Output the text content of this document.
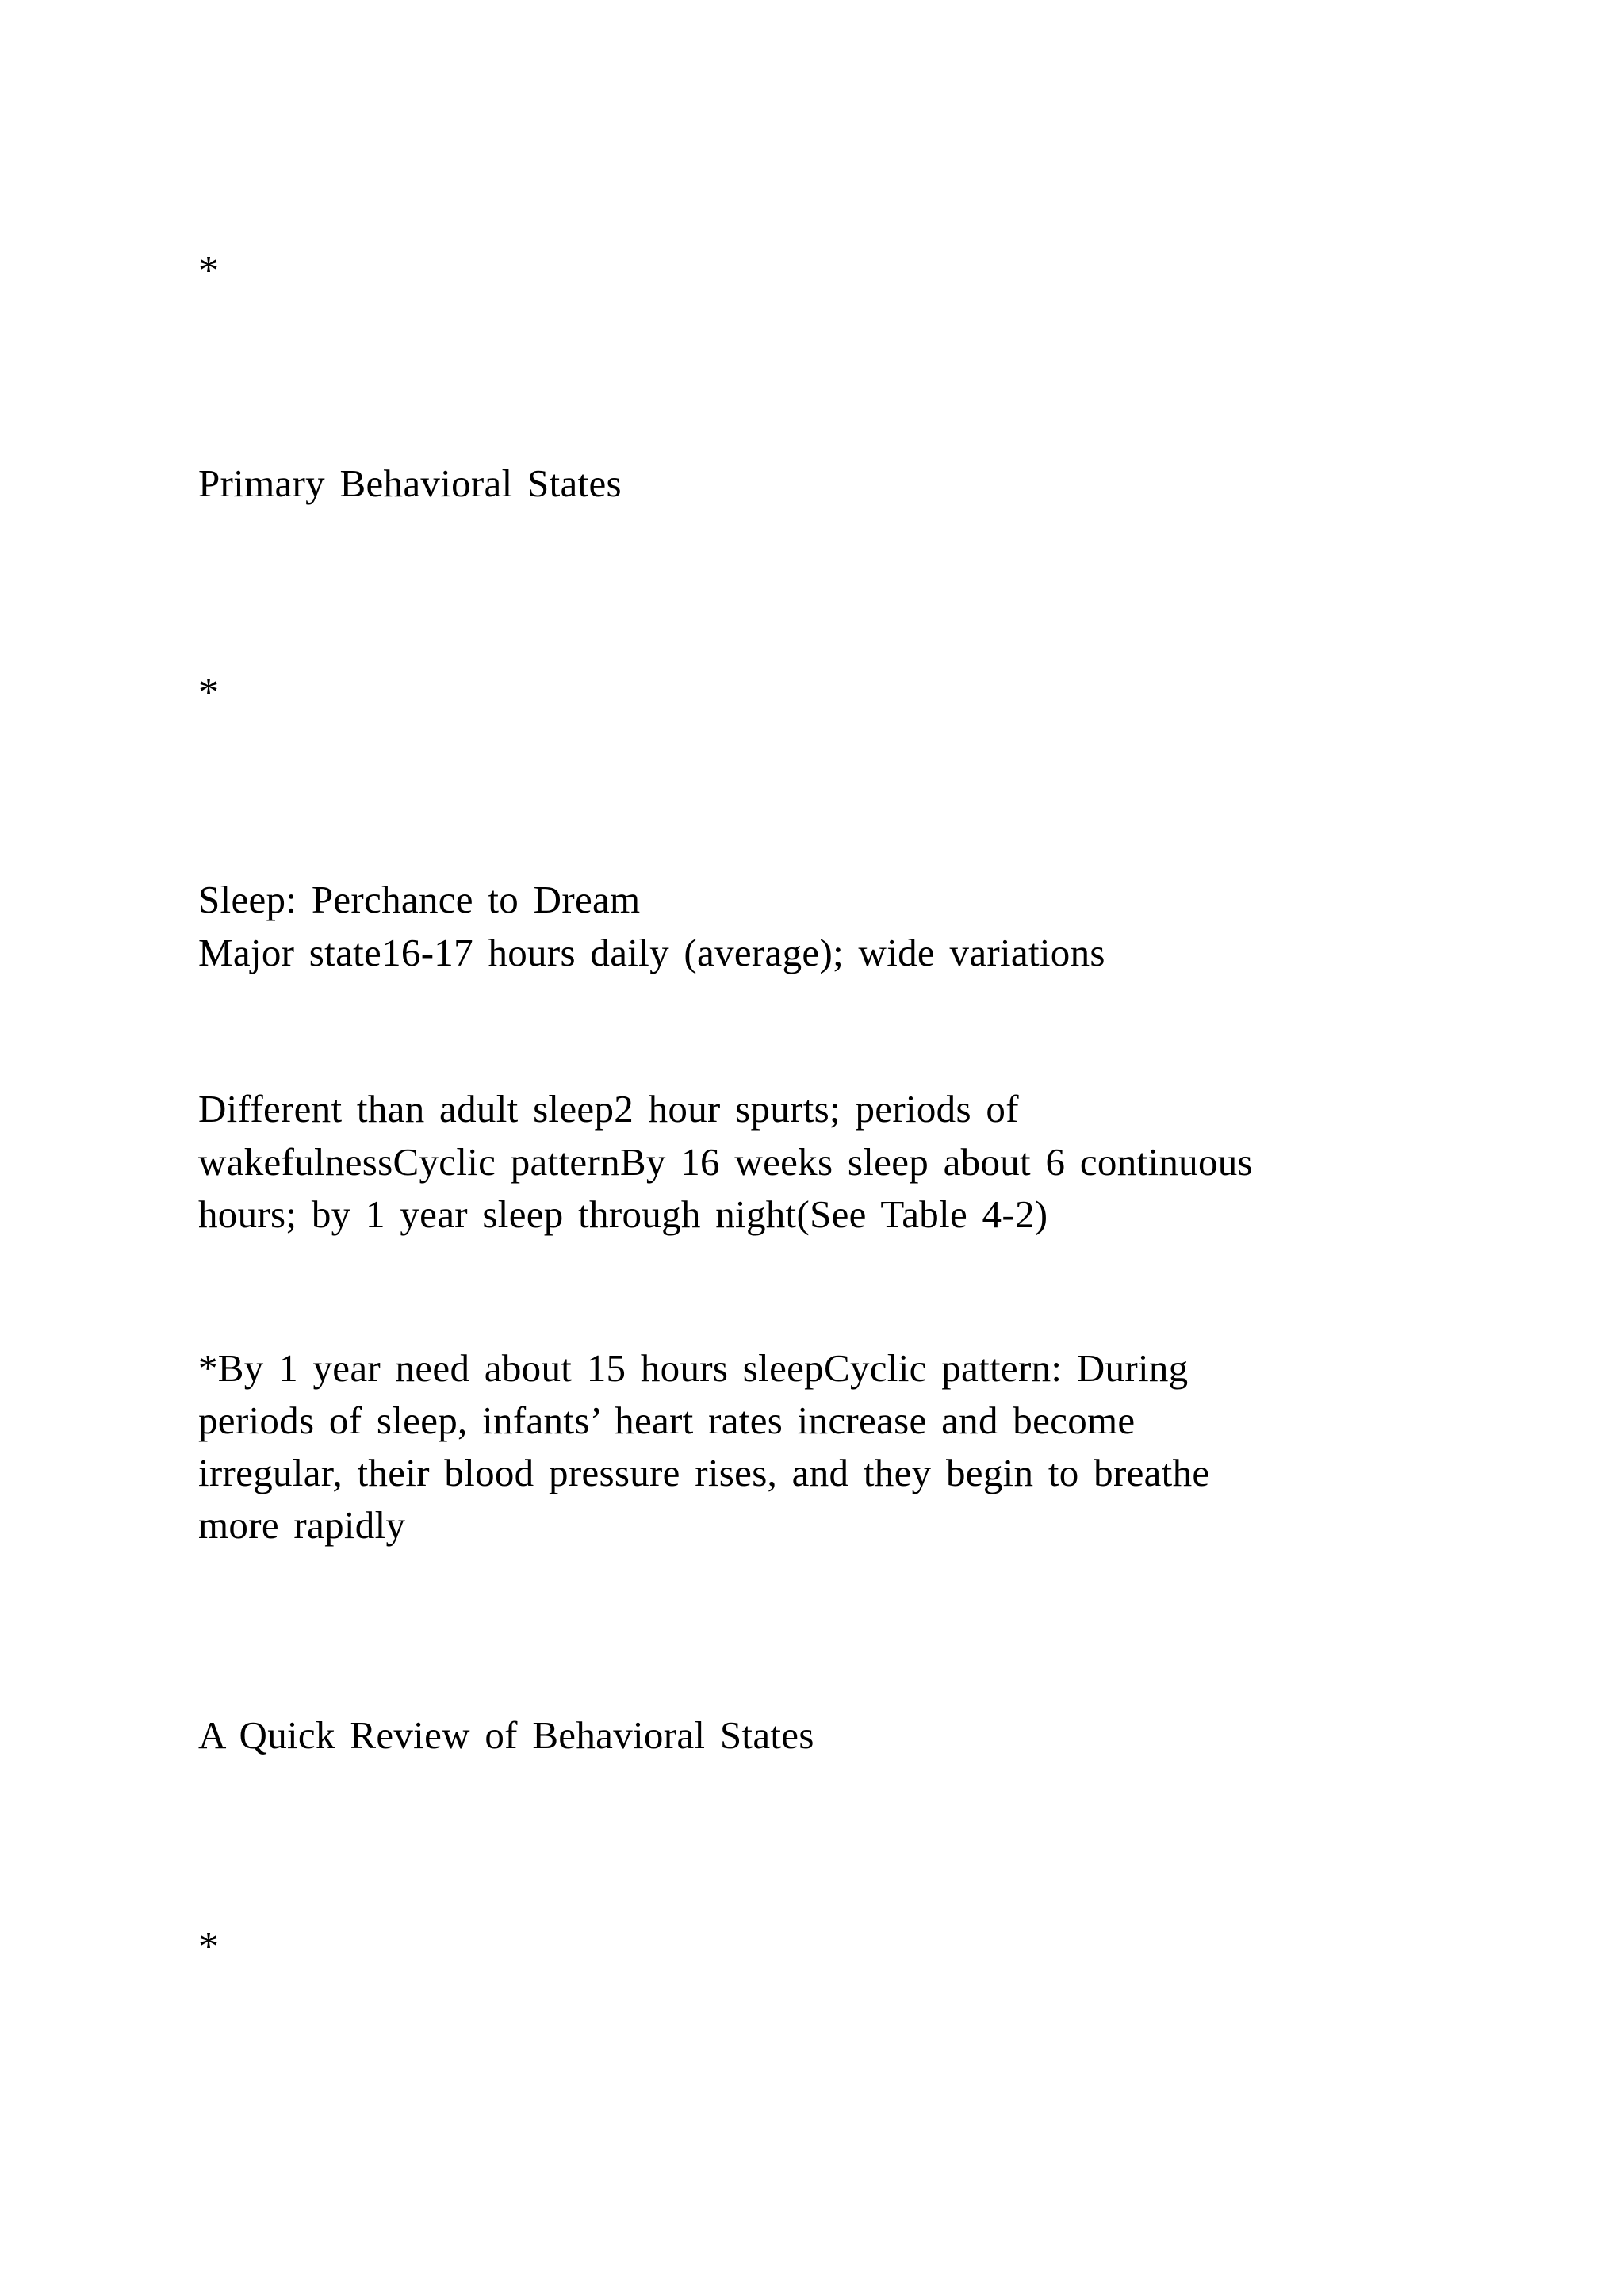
*

Primary Behavioral States

*

Sleep: Perchance to Dream

Major state16-17 hours daily (average); wide variations

Different than adult sleep2 hour spurts; periods of

wakefulnessCyclic patternBy 16 weeks sleep about 6 continuous

hours; by 1 year sleep through night(See Table 4-2)

*By 1 year need about 15 hours sleepCyclic pattern: During

periods of sleep, infants’ heart rates increase and become

irregular, their blood pressure rises, and they begin to breathe

more rapidly

A Quick Review of Behavioral States

*
